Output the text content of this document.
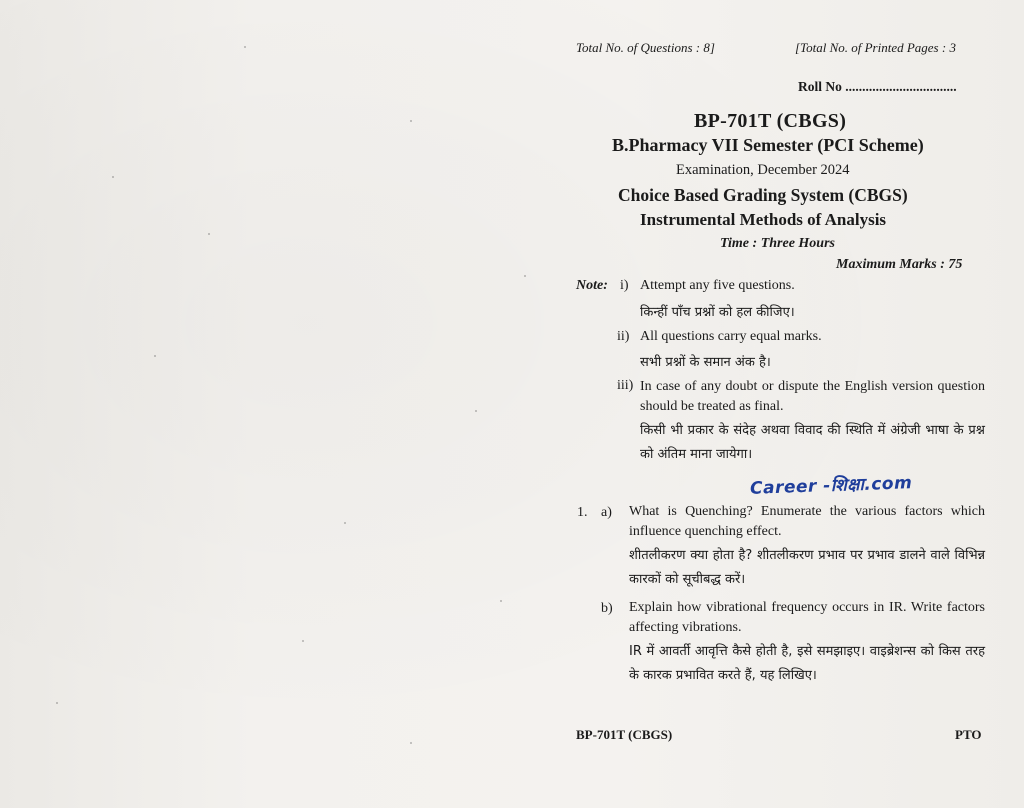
Total No. of Questions : 8]	[Total No. of Printed Pages : 3
Roll No .................................
BP-701T (CBGS)
B.Pharmacy VII Semester (PCI Scheme)
Examination, December 2024
Choice Based Grading System (CBGS)
Instrumental Methods of Analysis
Time : Three Hours
Maximum Marks : 75
Note: i) Attempt any five questions.
किन्हीं पाँच प्रश्नों को हल कीजिए।
ii) All questions carry equal marks.
सभी प्रश्नों के समान अंक है।
iii) In case of any doubt or dispute the English version question should be treated as final.
किसी भी प्रकार के संदेह अथवा विवाद की स्थिति में अंग्रेजी भाषा के प्रश्न को अंतिम माना जायेगा।
Career -शिक्षा.com
1. a) What is Quenching? Enumerate the various factors which influence quenching effect.
शीतलीकरण क्या होता है? शीतलीकरण प्रभाव पर प्रभाव डालने वाले विभिन्न कारकों को सूचीबद्ध करें।
b) Explain how vibrational frequency occurs in IR. Write factors affecting vibrations.
IR में आवर्ती आवृत्ति कैसे होती है, इसे समझाइए। वाइब्रेशन्स को किस तरह के कारक प्रभावित करते हैं, यह लिखिए।
BP-701T (CBGS)	PTO
